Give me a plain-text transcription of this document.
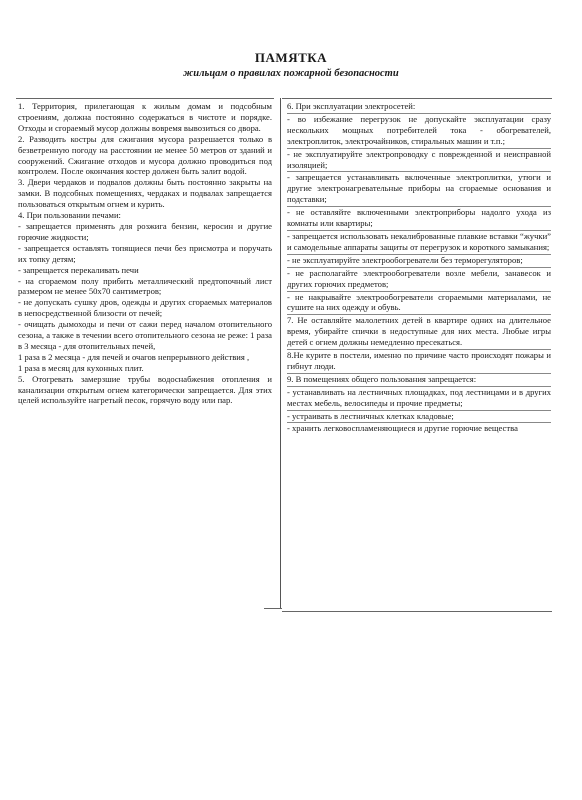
ПАМЯТКА
жильцам о правилах пожарной безопасности

1. Территория, прилегающая к жилым домам и подсобным строениям, должна постоянно содержаться в чистоте и порядке. Отходы и сгораемый мусор должны вовремя вывозиться со двора.

2. Разводить костры для сжигания мусора разрешается только в безветренную погоду на расстоянии не менее 50 метров от зданий и сооружений. Сжигание отходов и мусора должно проводиться под контролем. После окончания костер должен быть залит водой.

3. Двери чердаков и подвалов должны быть постоянно закрыты на замки. В подсобных помещениях, чердаках и подвалах запрещается пользоваться открытым огнем и курить.

4. При пользовании печами:

- запрещается применять для розжига бензин, керосин и другие горючие жидкости;

- запрещается оставлять топящиеся печи без присмотра и поручать их топку детям;

- запрещается перекаливать печи

- на сгораемом полу прибить металлический предтопочный лист размером не менее 50х70 сантиметров;

- не допускать сушку дров, одежды и других сгораемых материалов в непосредственной близости от печей;

- очищать дымоходы и печи от сажи перед началом отопительного сезона, а также в течении всего отопительного сезона не реже: 1 раза в 3 месяца - для отопительных печей,

1 раза в 2 месяца - для печей и очагов непрерывного действия ,

1 раза в месяц для кухонных плит.

5. Отогревать замерзшие трубы водоснабжения отопления и канализации открытым огнем категорически запрещается. Для этих целей используйте нагретый песок, горячую воду или пар.

6. При эксплуатации электросетей:

- во избежание перегрузок не допускайте эксплуатации сразу нескольких мощных потребителей тока - обогревателей, электроплиток, электрочайников, стиральных машин и т.п.;

- не эксплуатируйте электропроводку с поврежденной и неисправной изоляцией;

- запрещается устанавливать включенные электроплитки, утюги и другие электронагревательные приборы на сгораемые основания и подставки;

- не оставляйте включенными электроприборы надолго ухода из комнаты или квартиры;

- запрещается использовать некалиброванные плавкие вставки “жучки” и самодельные аппараты защиты от перегрузок и короткого замыкания;

- не эксплуатируйте электрообогреватели без терморегуляторов;

- не располагайте электрообогреватели возле мебели, занавесок и других горючих предметов;

- не накрывайте электрообогреватели сгораемыми материалами, не сушите на них одежду и обувь.

7. Не оставляйте малолетних детей в квартире одних на длительное время, убирайте спички в недоступные для них места. Любые игры детей с огнем должны немедленно пресекаться.

8.Не курите в постели, именно по причине часто происходят пожары и гибнут люди.

9. В помещениях общего пользования запрещается:

- устанавливать на лестничных площадках, под лестницами и в других местах мебель, велосипеды и прочие предметы;

- устраивать в лестничных клетках кладовые;

- хранить легковоспламеняющиеся и другие горючие вещества
